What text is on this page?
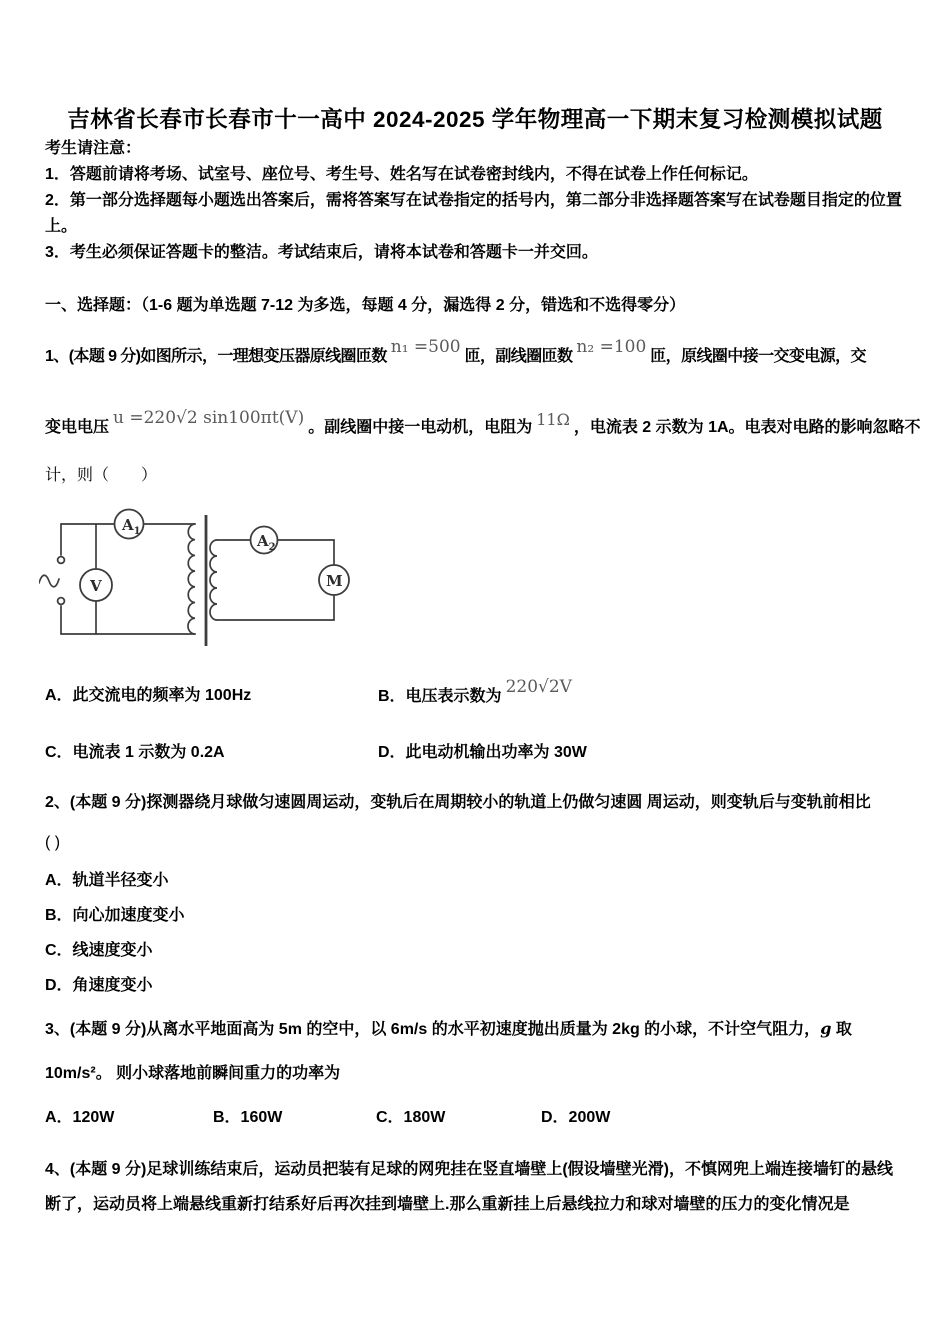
吉林省长春市长春市十一高中 2024-2025 学年物理高一下期末复习检测模拟试题

考生请注意：

1．答题前请将考场、试室号、座位号、考生号、姓名写在试卷密封线内，不得在试卷上作任何标记。

2．第一部分选择题每小题选出答案后，需将答案写在试卷指定的括号内，第二部分非选择题答案写在试卷题目指定的位置上。

3．考生必须保证答题卡的整洁。考试结束后，请将本试卷和答题卡一并交回。

一、选择题：（1-6 题为单选题 7-12 为多选，每题 4 分，漏选得 2 分，错选和不选得零分）
1、(本题 9 分)如图所示，一理想变压器原线圈匝数 n₁ =500 匝，副线圈匝数 n₂ =100 匝，原线圈中接一交变电源，交
变电电压 u =220√2 sin100πt(V) 。副线圈中接一电动机，电阻为 11Ω ，电流表 2 示数为 1A。电表对电路的影响忽略不
计，则（　　）
$A_1$
V
$A_2$
M
A．此交流电的频率为 100Hz	B．电压表示数为 220√2V
C．电流表 1 示数为 0.2A	D．此电动机输出功率为 30W
2、(本题 9 分)探测器绕月球做匀速圆周运动，变轨后在周期较小的轨道上仍做匀速圆 周运动，则变轨后与变轨前相比
( )

A．轨道半径变小

B．向心加速度变小

C．线速度变小

D．角速度变小

3、(本题 9 分)从离水平地面高为 5m 的空中，以 6m/s 的水平初速度抛出质量为 2kg 的小球，不计空气阻力，g 取
10m/s²。 则小球落地前瞬间重力的功率为
A．120W	B．160W	C．180W	D．200W

4、(本题 9 分)足球训练结束后，运动员把装有足球的网兜挂在竖直墙壁上(假设墙壁光滑)，不慎网兜上端连接墙钉的悬线断了，运动员将上端悬线重新打结系好后再次挂到墙壁上.那么重新挂上后悬线拉力和球对墙壁的压力的变化情况是
